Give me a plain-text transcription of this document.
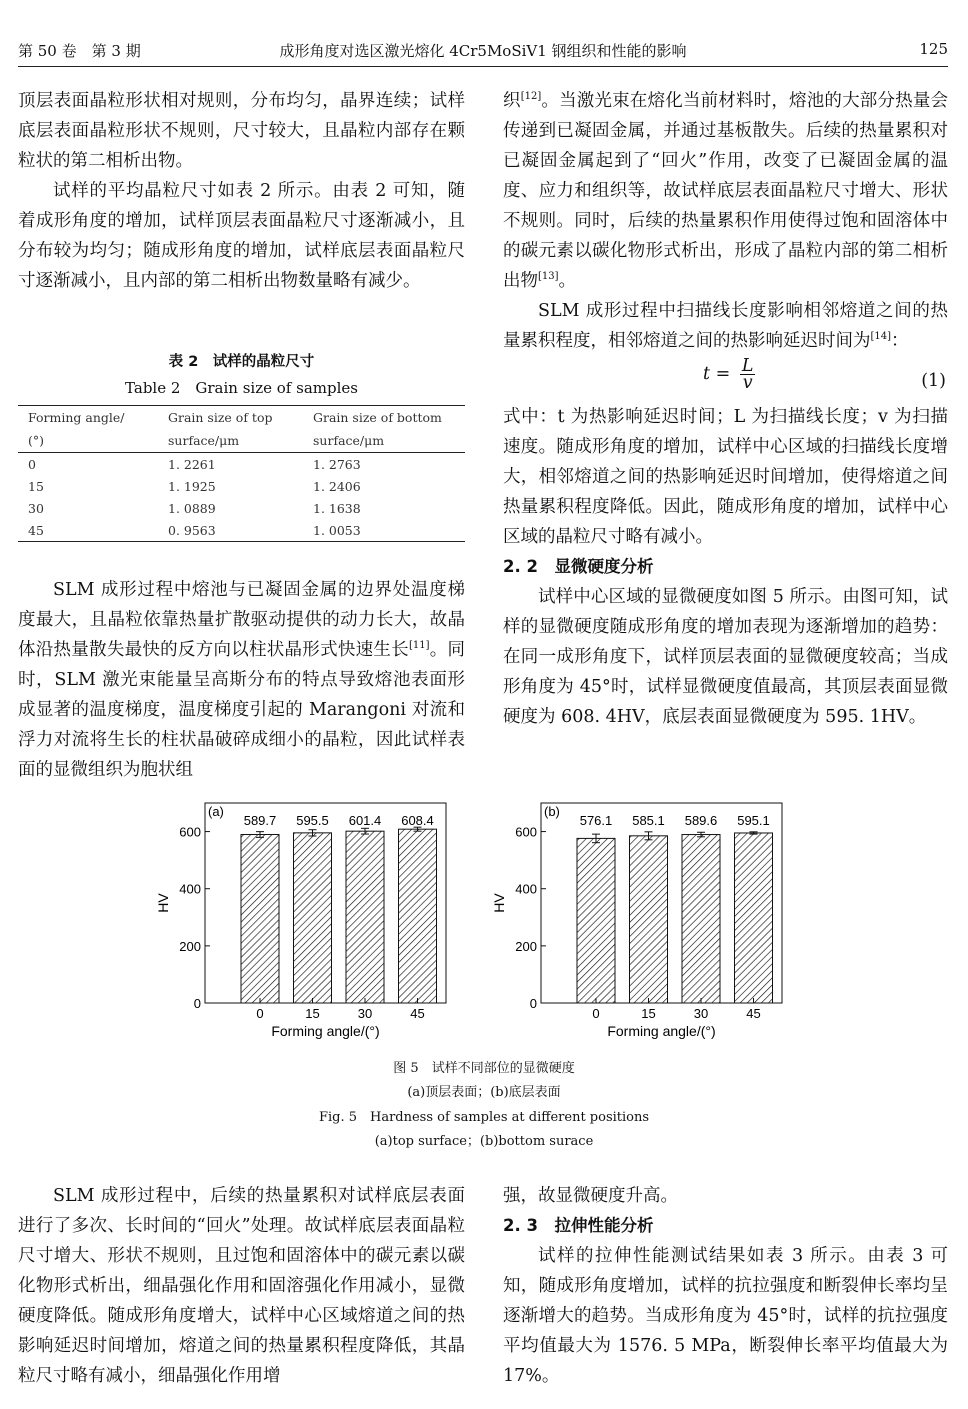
第 50 卷　第 3 期	成形角度对选区激光熔化 4Cr5MoSiV1 钢组织和性能的影响	125

顶层表面晶粒形状相对规则，分布均匀，晶界连续；试样底层表面晶粒形状不规则，尺寸较大，且晶粒内部存在颗粒状的第二相析出物。

试样的平均晶粒尺寸如表 2 所示。由表 2 可知，随着成形角度的增加，试样顶层表面晶粒尺寸逐渐减小，且分布较为均匀；随成形角度的增加，试样底层表面晶粒尺寸逐渐减小，且内部的第二相析出物数量略有减少。

表 2　试样的晶粒尺寸
Table 2　Grain size of samples
Forming angle/	Grain size of top	Grain size of bottom
(°)	surface/μm	surface/μm
0	1. 2261	1. 2763
15	1. 1925	1. 2406
30	1. 0889	1. 1638
45	0. 9563	1. 0053

SLM 成形过程中熔池与已凝固金属的边界处温度梯度最大，且晶粒依靠热量扩散驱动提供的动力长大，故晶体沿热量散失最快的反方向以柱状晶形式快速生长[11]。同时，SLM 激光束能量呈高斯分布的特点导致熔池表面形成显著的温度梯度，温度梯度引起的 Marangoni 对流和浮力对流将生长的柱状晶破碎成细小的晶粒，因此试样表面的显微组织为胞状组

织[12]。当激光束在熔化当前材料时，熔池的大部分热量会传递到已凝固金属，并通过基板散失。后续的热量累积对已凝固金属起到了“回火”作用，改变了已凝固金属的温度、应力和组织等，故试样底层表面晶粒尺寸增大、形状不规则。同时，后续的热量累积作用使得过饱和固溶体中的碳元素以碳化物形式析出，形成了晶粒内部的第二相析出物[13]。

SLM 成形过程中扫描线长度影响相邻熔道之间的热量累积程度，相邻熔道之间的热影响延迟时间为[14]：

$t = \frac{L}{v}$	(1)

式中：t 为热影响延迟时间；L 为扫描线长度；v 为扫描速度。随成形角度的增加，试样中心区域的扫描线长度增大，相邻熔道之间的热影响延迟时间增加，使得熔道之间热量累积程度降低。因此，随成形角度的增加，试样中心区域的晶粒尺寸略有减小。

2. 2　显微硬度分析

试样中心区域的显微硬度如图 5 所示。由图可知，试样的显微硬度随成形角度的增加表现为逐渐增加的趋势：在同一成形角度下，试样顶层表面的显微硬度较高；当成形角度为 45°时，试样显微硬度值最高，其顶层表面显微硬度为 608. 4HV，底层表面显微硬度为 595. 1HV。

(a)
0
200
400
600
HV
589.7
0
595.5
15
601.4
30
608.4
45
Forming angle/(°)
(b)
0
200
400
600
HV
576.1
0
585.1
15
589.6
30
595.1
45
Forming angle/(°)
图 5　试样不同部位的显微硬度
(a)顶层表面；(b)底层表面
Fig. 5　Hardness of samples at different positions
(a)top surface；(b)bottom surace

SLM 成形过程中，后续的热量累积对试样底层表面进行了多次、长时间的“回火”处理。故试样底层表面晶粒尺寸增大、形状不规则，且过饱和固溶体中的碳元素以碳化物形式析出，细晶强化作用和固溶强化作用减小，显微硬度降低。随成形角度增大，试样中心区域熔道之间的热影响延迟时间增加，熔道之间的热量累积程度降低，其晶粒尺寸略有减小，细晶强化作用增

强，故显微硬度升高。

2. 3　拉伸性能分析

试样的拉伸性能测试结果如表 3 所示。由表 3 可知，随成形角度增加，试样的抗拉强度和断裂伸长率均呈逐渐增大的趋势。当成形角度为 45°时，试样的抗拉强度平均值最大为 1576. 5 MPa，断裂伸长率平均值最大为 17%。
